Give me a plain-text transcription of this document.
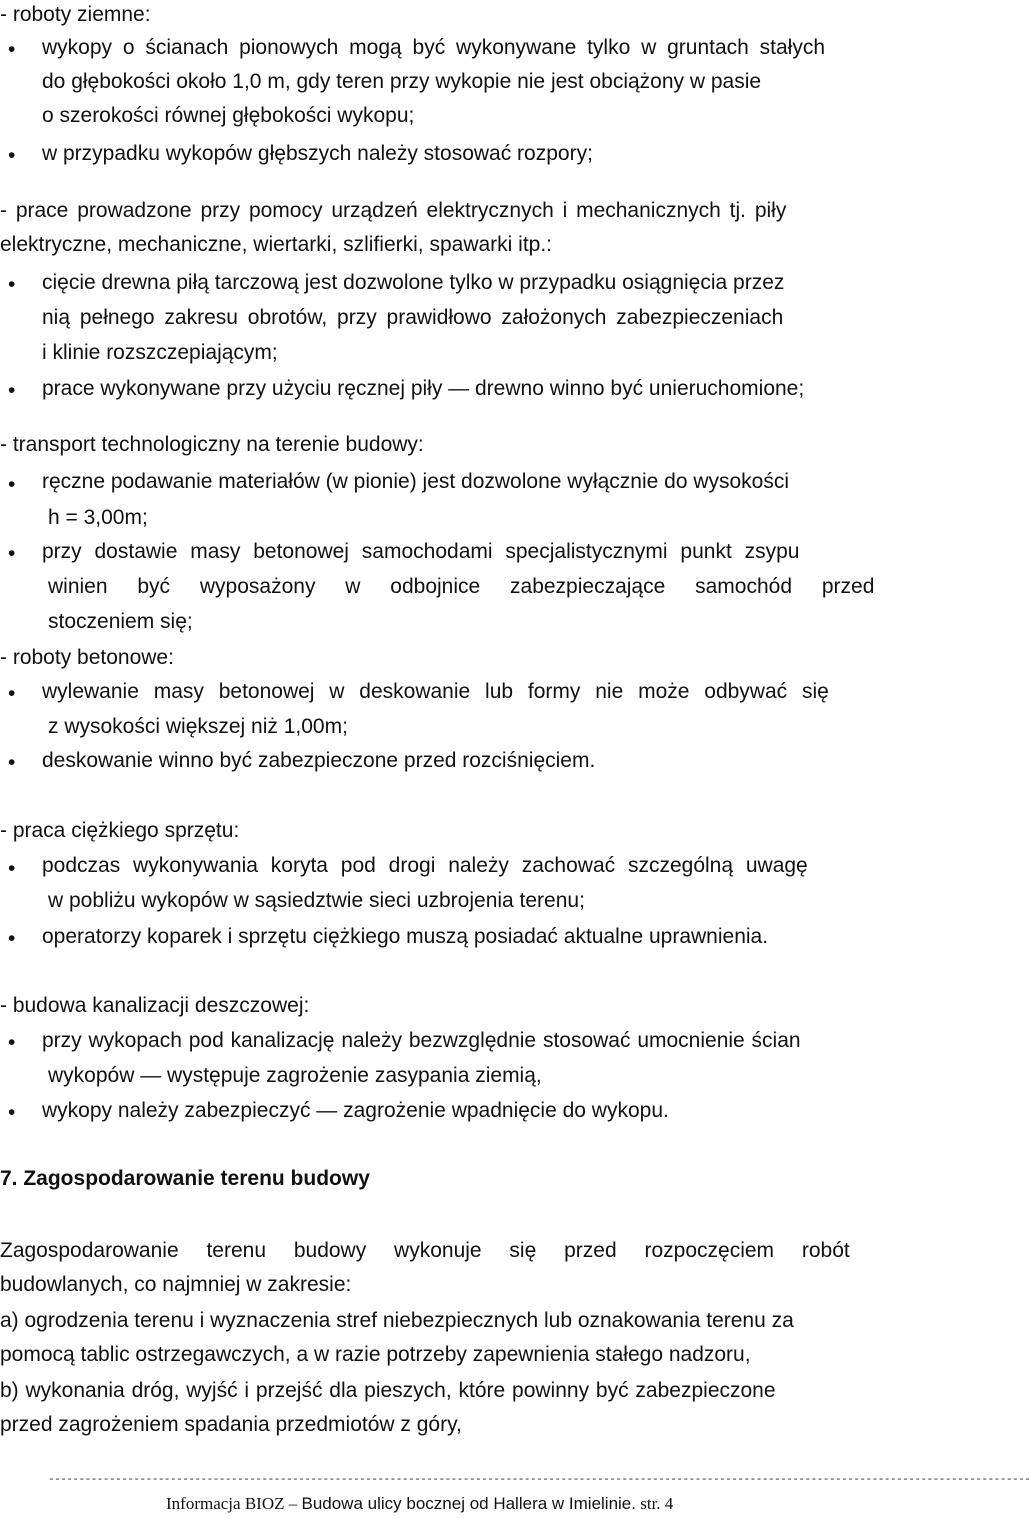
- roboty ziemne:
• wykopy o ścianach pionowych mogą być wykonywane tylko w gruntach stałych
do głębokości około 1,0 m, gdy teren przy wykopie nie jest obciążony w pasie
o szerokości równej głębokości wykopu;
• w przypadku wykopów głębszych należy stosować rozpory;
- prace prowadzone przy pomocy urządzeń elektrycznych i mechanicznych tj. piły
elektryczne, mechaniczne, wiertarki, szlifierki, spawarki itp.:
• cięcie drewna piłą tarczową jest dozwolone tylko w przypadku osiągnięcia przez
nią pełnego zakresu obrotów, przy prawidłowo założonych zabezpieczeniach
i klinie rozszczepiającym;
• prace wykonywane przy użyciu ręcznej piły — drewno winno być unieruchomione;
- transport technologiczny na terenie budowy:
• ręczne podawanie materiałów (w pionie) jest dozwolone wyłącznie do wysokości
h = 3,00m;
• przy dostawie masy betonowej samochodami specjalistycznymi punkt zsypu
winien być wyposażony w odbojnice zabezpieczające samochód przed
stoczeniem się;
- roboty betonowe:
• wylewanie masy betonowej w deskowanie lub formy nie może odbywać się
z wysokości większej niż 1,00m;
• deskowanie winno być zabezpieczone przed rozciśnięciem.
- praca ciężkiego sprzętu:
• podczas wykonywania koryta pod drogi należy zachować szczególną uwagę
w pobliżu wykopów w sąsiedztwie sieci uzbrojenia terenu;
• operatorzy koparek i sprzętu ciężkiego muszą posiadać aktualne uprawnienia.
- budowa kanalizacji deszczowej:
• przy wykopach pod kanalizację należy bezwzględnie stosować umocnienie ścian
wykopów — występuje zagrożenie zasypania ziemią,
• wykopy należy zabezpieczyć — zagrożenie wpadnięcie do wykopu.
7. Zagospodarowanie terenu budowy
Zagospodarowanie terenu budowy wykonuje się przed rozpoczęciem robót
budowlanych, co najmniej w zakresie:
a) ogrodzenia terenu i wyznaczenia stref niebezpiecznych lub oznakowania terenu za
pomocą tablic ostrzegawczych, a w razie potrzeby zapewnienia stałego nadzoru,
b) wykonania dróg, wyjść i przejść dla pieszych, które powinny być zabezpieczone
przed zagrożeniem spadania przedmiotów z góry,
-----------------------------------------------------------------------------------------------------------------------------------------------------------------
Informacja BIOZ – Budowa ulicy bocznej od Hallera w Imielinie. str. 4
